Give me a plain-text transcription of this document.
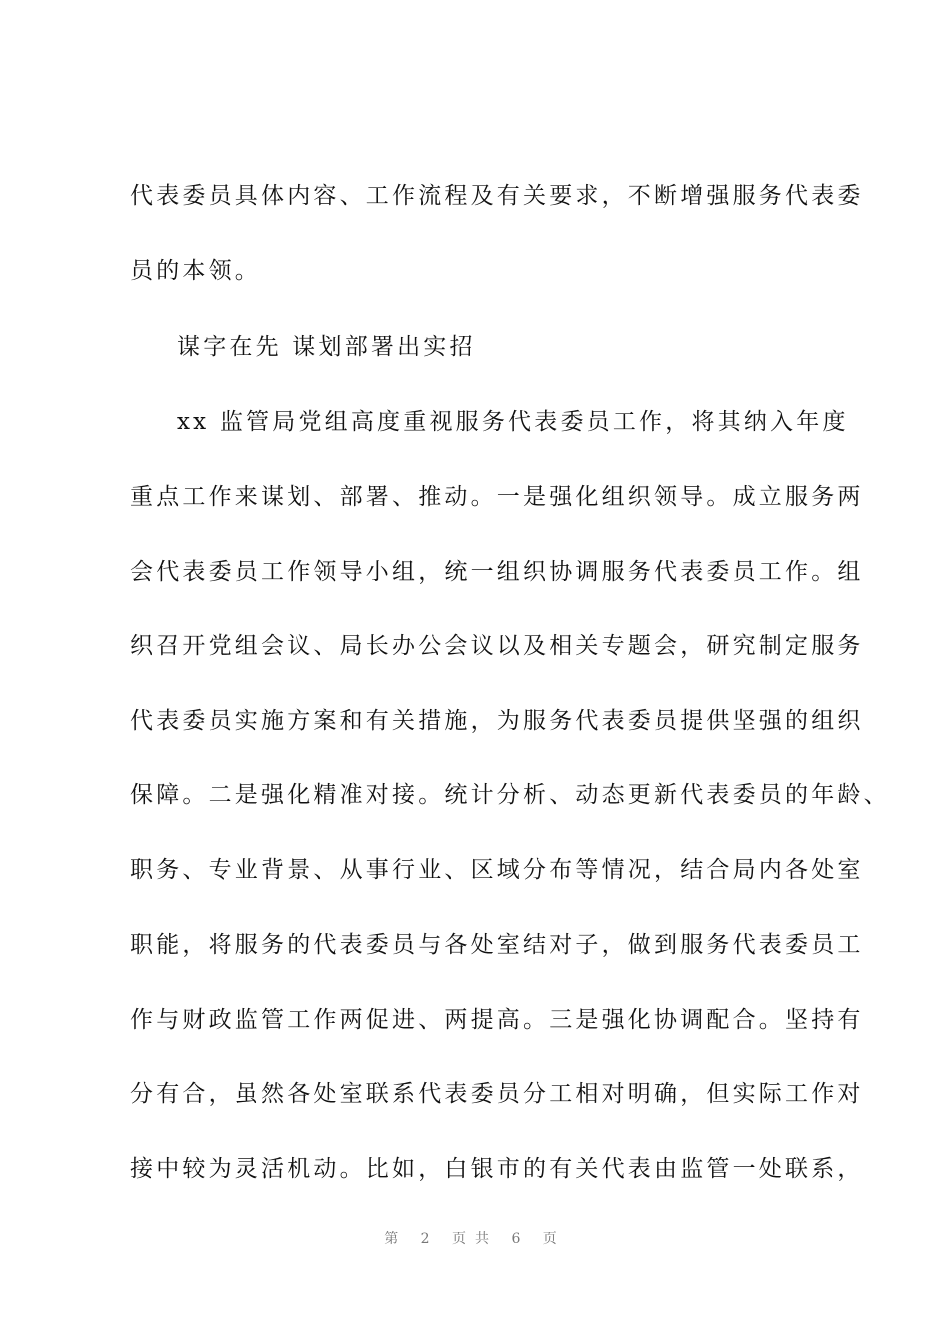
代表委员具体内容、工作流程及有关要求，不断增强服务代表委
员的本领。
谋字在先 谋划部署出实招
xx 监管局党组高度重视服务代表委员工作，将其纳入年度
重点工作来谋划、部署、推动。一是强化组织领导。成立服务两
会代表委员工作领导小组，统一组织协调服务代表委员工作。组
织召开党组会议、局长办公会议以及相关专题会，研究制定服务
代表委员实施方案和有关措施，为服务代表委员提供坚强的组织
保障。二是强化精准对接。统计分析、动态更新代表委员的年龄、
职务、专业背景、从事行业、区域分布等情况，结合局内各处室
职能，将服务的代表委员与各处室结对子，做到服务代表委员工
作与财政监管工作两促进、两提高。三是强化协调配合。坚持有
分有合，虽然各处室联系代表委员分工相对明确，但实际工作对
接中较为灵活机动。比如，白银市的有关代表由监管一处联系，
第 2 页共 6 页
